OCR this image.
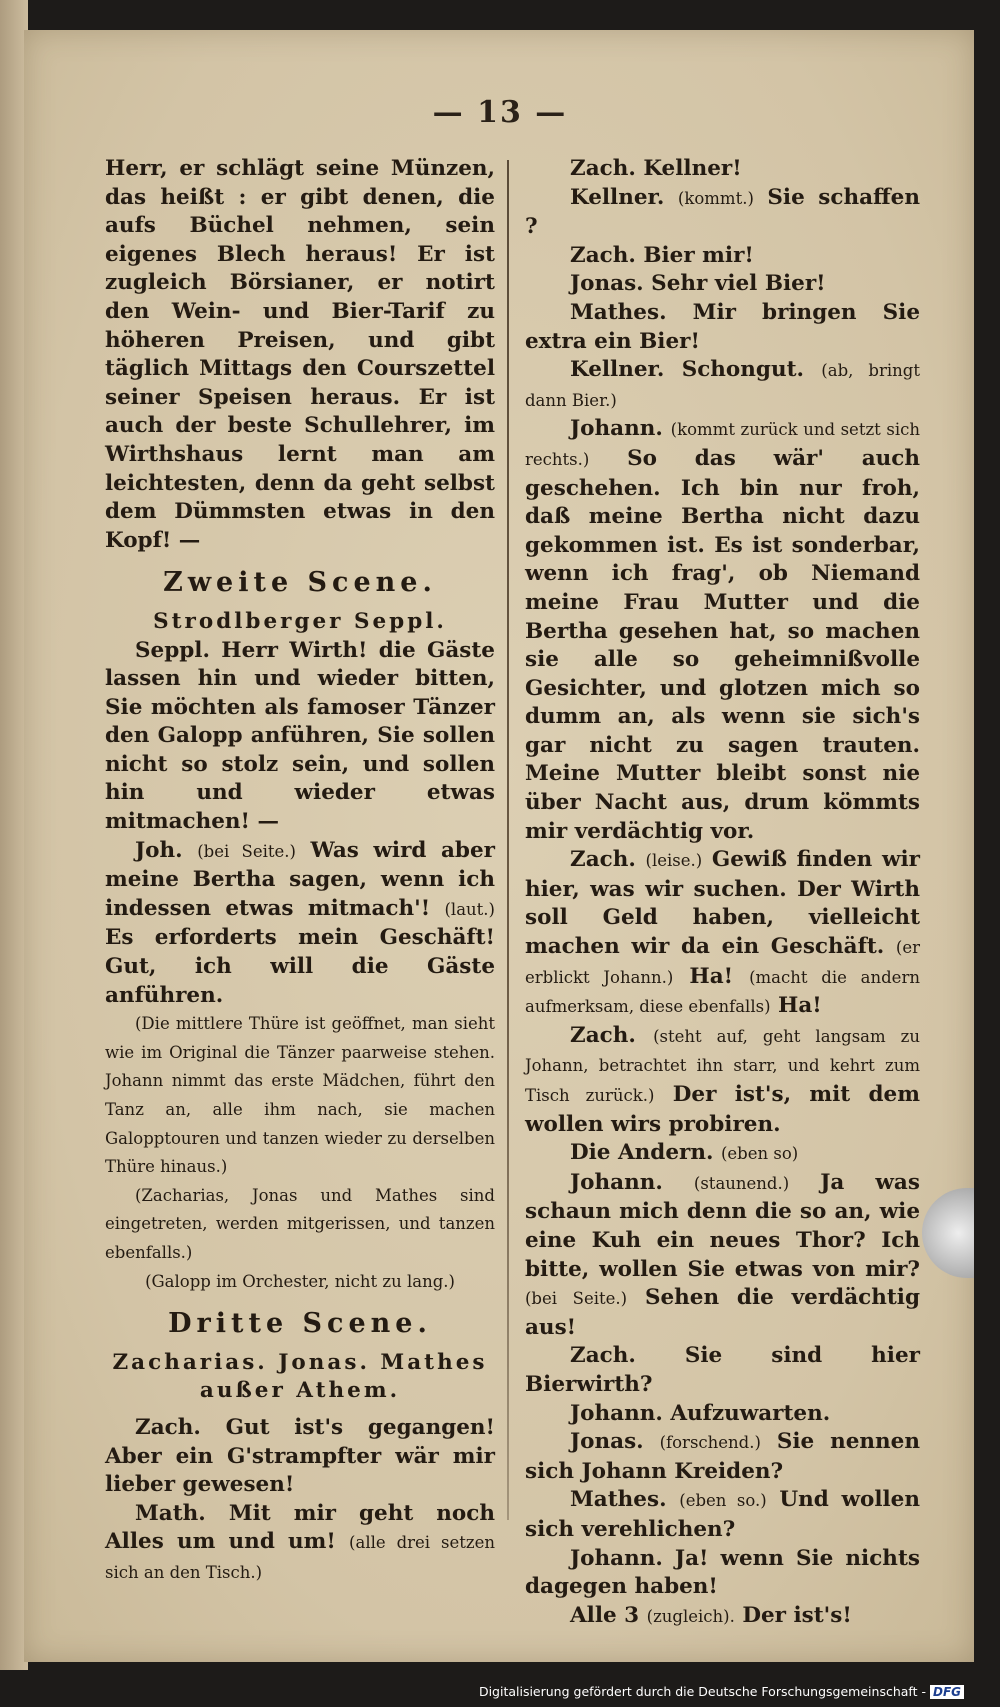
— 13 —

Herr, er schlägt seine Münzen, das heißt : er gibt denen, die aufs Büchel nehmen, sein eigenes Blech heraus! Er ist zugleich Börsianer, er notirt den Wein- und Bier-Tarif zu höheren Preisen, und gibt täglich Mittags den Courszettel seiner Speisen heraus. Er ist auch der beste Schullehrer, im Wirthshaus lernt man am leichtesten, denn da geht selbst dem Dümmsten etwas in den Kopf! —

Zweite Scene.

Strodlberger Seppl.

Seppl. Herr Wirth! die Gäste lassen hin und wieder bitten, Sie möchten als famoser Tänzer den Galopp anführen, Sie sollen nicht so stolz sein, und sollen hin und wieder etwas mitmachen! —

Joh. (bei Seite.) Was wird aber meine Bertha sagen, wenn ich indessen etwas mitmach'! (laut.) Es erforderts mein Geschäft! Gut, ich will die Gäste anführen.

(Die mittlere Thüre ist geöffnet, man sieht wie im Original die Tänzer paarweise stehen. Johann nimmt das erste Mädchen, führt den Tanz an, alle ihm nach, sie machen Galopptouren und tanzen wieder zu derselben Thüre hinaus.)

(Zacharias, Jonas und Mathes sind eingetreten, werden mitgerissen, und tanzen ebenfalls.)

(Galopp im Orchester, nicht zu lang.)

Dritte Scene.

Zacharias. Jonas. Mathes außer Athem.

Zach. Gut ist's gegangen! Aber ein G'strampfter wär mir lieber gewesen!

Math. Mit mir geht noch Alles um und um! (alle drei setzen sich an den Tisch.)

Zach. Kellner!

Kellner. (kommt.) Sie schaffen ?

Zach. Bier mir!

Jonas. Sehr viel Bier!

Mathes. Mir bringen Sie extra ein Bier!

Kellner. Schongut. (ab, bringt dann Bier.)

Johann. (kommt zurück und setzt sich rechts.) So das wär' auch geschehen. Ich bin nur froh, daß meine Bertha nicht dazu gekommen ist. Es ist sonderbar, wenn ich frag', ob Niemand meine Frau Mutter und die Bertha gesehen hat, so machen sie alle so geheimnißvolle Gesichter, und glotzen mich so dumm an, als wenn sie sich's gar nicht zu sagen trauten. Meine Mutter bleibt sonst nie über Nacht aus, drum kömmts mir verdächtig vor.

Zach. (leise.) Gewiß finden wir hier, was wir suchen. Der Wirth soll Geld haben, vielleicht machen wir da ein Geschäft. (er erblickt Johann.) Ha! (macht die andern aufmerksam, diese ebenfalls) Ha!

Zach. (steht auf, geht langsam zu Johann, betrachtet ihn starr, und kehrt zum Tisch zurück.) Der ist's, mit dem wollen wirs probiren.

Die Andern. (eben so)

Johann. (staunend.) Ja was schaun mich denn die so an, wie eine Kuh ein neues Thor? Ich bitte, wollen Sie etwas von mir? (bei Seite.) Sehen die verdächtig aus!

Zach. Sie sind hier Bierwirth?

Johann. Aufzuwarten.

Jonas. (forschend.) Sie nennen sich Johann Kreiden?

Mathes. (eben so.) Und wollen sich verehlichen?

Johann. Ja! wenn Sie nichts dagegen haben!

Alle 3 (zugleich). Der ist's!

Digitalisierung gefördert durch die Deutsche Forschungsgemeinschaft - DFG
